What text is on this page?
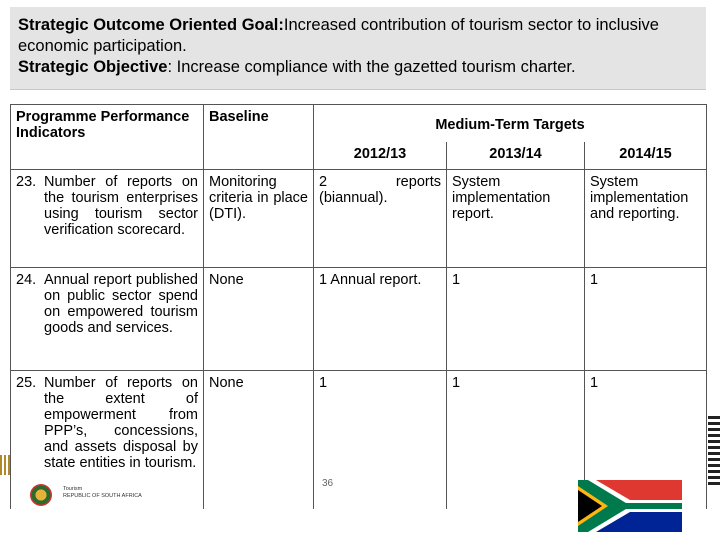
Strategic Outcome Oriented Goal:Increased contribution of tourism sector to inclusive economic participation.

Strategic Objective: Increase compliance with the gazetted tourism charter.

Programme Performance Indicators	Baseline	Medium-Term Targets		
		2012/13	2013/14	2014/15

23. Number of reports on the tourism enterprises using tourism sector verification scorecard.	Monitoring criteria in place (DTI).	2 reports (biannual).	System implementation report.	System implementation and reporting.

24. Annual report published on public sector spend on empowered tourism goods and services.	None	1 Annual report.	1	1

25. Number of reports on the extent of empowerment from PPP’s, concessions, and assets disposal by state entities in tourism.	None	1	1	1
36
Tourism
REPUBLIC OF SOUTH AFRICA
